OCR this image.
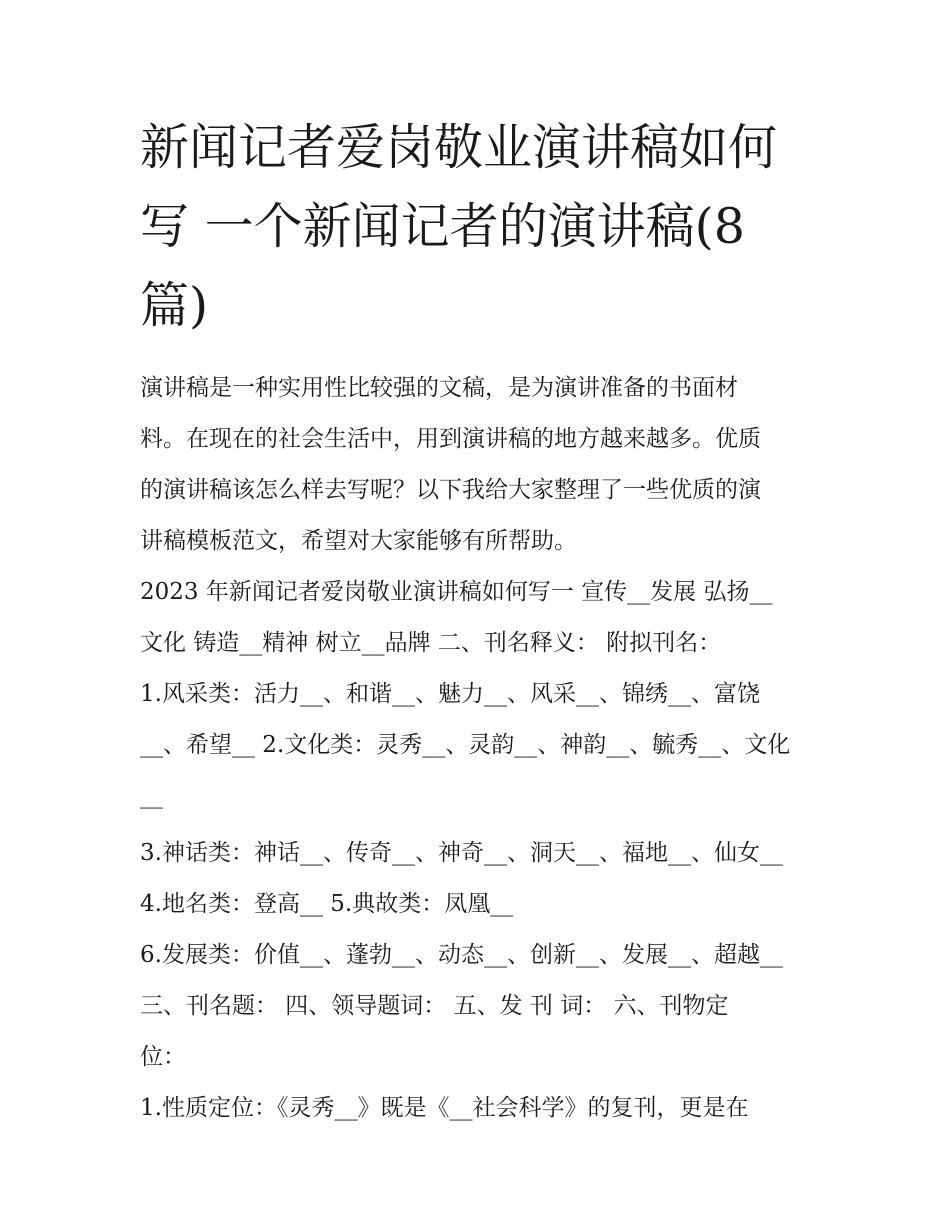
新闻记者爱岗敬业演讲稿如何
写 一个新闻记者的演讲稿(8
篇)
演讲稿是一种实用性比较强的文稿，是为演讲准备的书面材
料。在现在的社会生活中，用到演讲稿的地方越来越多。优质
的演讲稿该怎么样去写呢？以下我给大家整理了一些优质的演
讲稿模板范文，希望对大家能够有所帮助。
2023 年新闻记者爱岗敬业演讲稿如何写一 宣传__发展 弘扬__
文化 铸造__精神 树立__品牌 二、刊名释义： 附拟刊名：
1.风采类：活力__、和谐__、魅力__、风采__、锦绣__、富饶
__、希望__ 2.文化类：灵秀__、灵韵__、神韵__、毓秀__、文化
__
3.神话类：神话__、传奇__、神奇__、洞天__、福地__、仙女__
4.地名类：登高__ 5.典故类：凤凰__
6.发展类：价值__、蓬勃__、动态__、创新__、发展__、超越__
三、刊名题： 四、领导题词： 五、发 刊 词： 六、刊物定
位：
1.性质定位：《灵秀__》既是《__社会科学》的复刊，更是在
